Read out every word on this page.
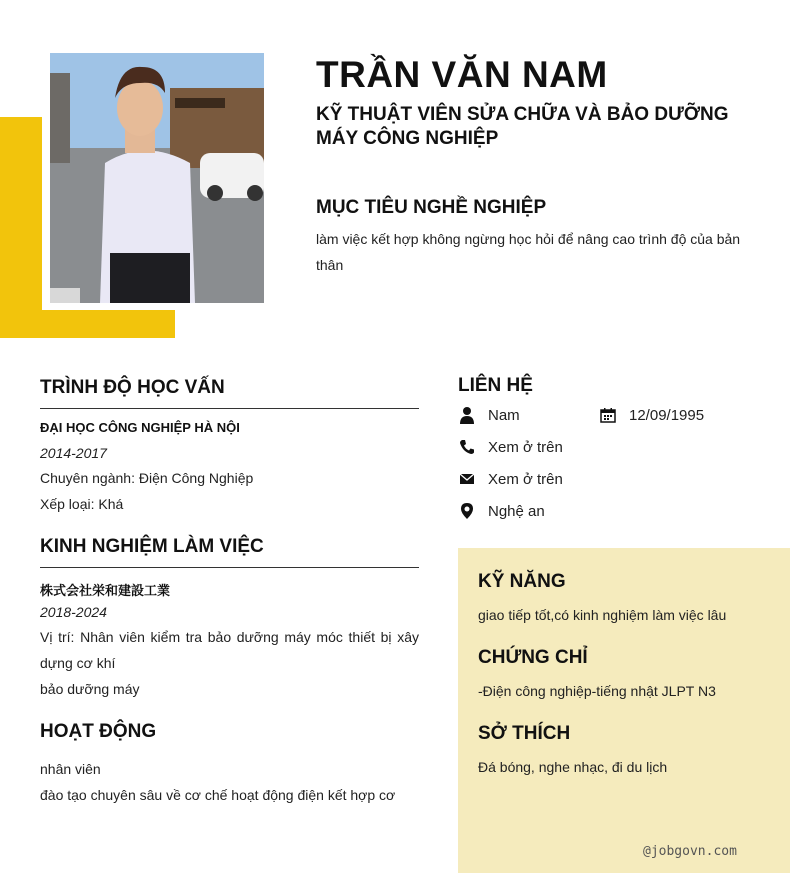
TRẦN VĂN NAM
KỸ THUẬT VIÊN SỬA CHỮA VÀ BẢO DƯỠNG MÁY CÔNG NGHIỆP
MỤC TIÊU NGHỀ NGHIỆP
làm việc kết hợp không ngừng học hỏi để nâng cao trình độ của bản thân
TRÌNH ĐỘ HỌC VẤN
ĐẠI HỌC CÔNG NGHIỆP HÀ NỘI
2014-2017
Chuyên ngành: Điện Công Nghiệp
Xếp loại: Khá
KINH NGHIỆM LÀM VIỆC
株式会社栄和建設工業
2018-2024
Vị trí: Nhân viên kiểm tra bảo dưỡng máy móc thiết bị xây dựng cơ khí
bảo dưỡng máy
HOẠT ĐỘNG
nhân viên
đào tạo chuyên sâu về cơ chế hoạt động điện kết hợp cơ
LIÊN HỆ
Nam	12/09/1995
Xem ở trên
Xem ở trên
Nghệ an
KỸ NĂNG
giao tiếp tốt,có kinh nghiệm làm việc lâu
CHỨNG CHỈ
-Điện công nghiệp-tiếng nhật JLPT N3
SỞ THÍCH
Đá bóng, nghe nhạc, đi du lịch
@jobgovn.com
